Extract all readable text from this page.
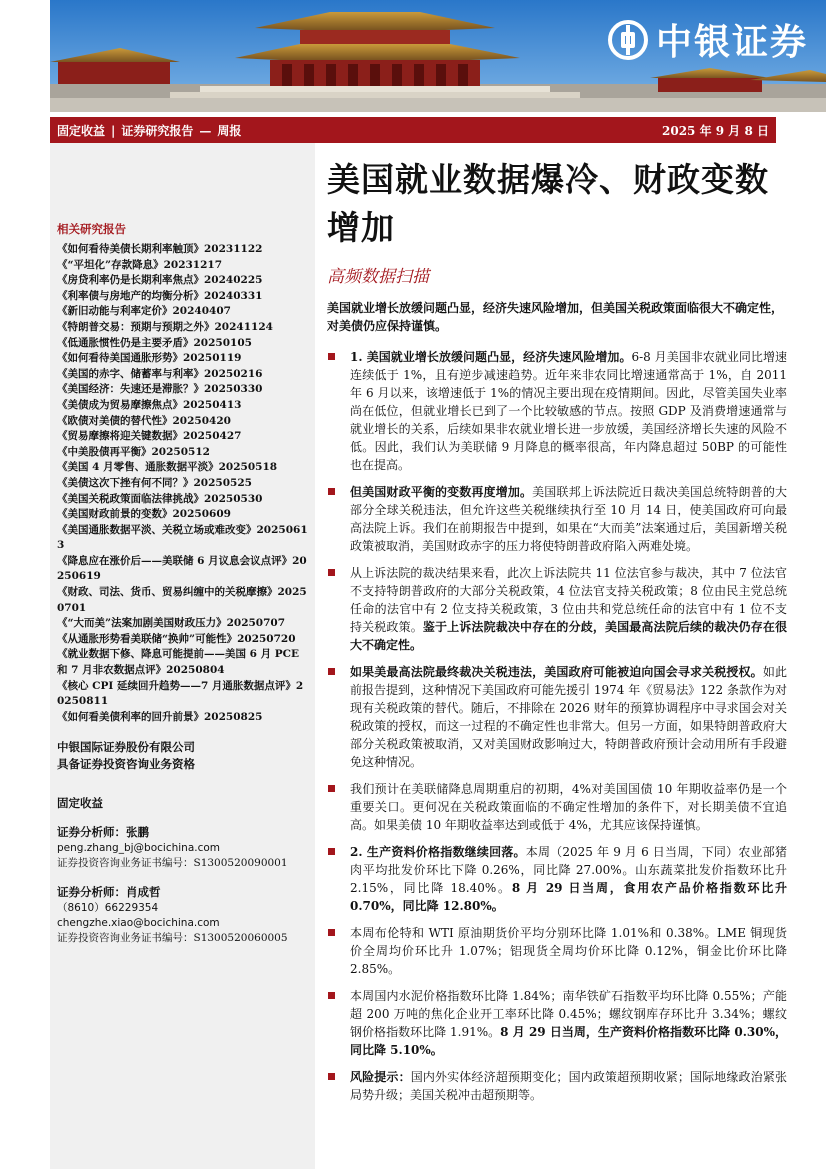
中银证券
固定收益 | 证券研究报告 — 周报	2025 年 9 月 8 日
相关研究报告
《如何看待美债长期利率触顶》20231122
《“平坦化”存款降息》20231217
《房贷利率仍是长期利率焦点》20240225
《利率债与房地产的均衡分析》20240331
《新旧动能与利率定价》20240407
《特朗普交易：预期与预期之外》20241124
《低通胀惯性仍是主要矛盾》20250105
《如何看待美国通胀形势》20250119
《美国的赤字、储蓄率与利率》20250216
《美国经济：失速还是滞胀？》20250330
《美债成为贸易摩擦焦点》20250413
《欧债对美债的替代性》20250420
《贸易摩擦将迎关键数据》20250427
《中美股债再平衡》20250512
《美国 4 月零售、通胀数据平淡》20250518
《美债这次下挫有何不同？》20250525
《美国关税政策面临法律挑战》20250530
《美国财政前景的变数》20250609
《美国通胀数据平淡、关税立场或难改变》20250613
《降息应在涨价后——美联储 6 月议息会议点评》20250619
《财政、司法、货币、贸易纠缠中的关税摩擦》20250701
《“大而美”法案加剧美国财政压力》20250707
《从通胀形势看美联储“换帅”可能性》20250720
《就业数据下修、降息可能提前——美国 6 月 PCE 和 7 月非农数据点评》20250804
《核心 CPI 延续回升趋势——7 月通胀数据点评》20250811
《如何看美债利率的回升前景》20250825
中银国际证券股份有限公司
具备证券投资咨询业务资格
固定收益
证券分析师：张鹏
peng.zhang_bj@bocichina.com
证券投资咨询业务证书编号：S1300520090001
证券分析师：肖成哲
（8610）66229354
chengzhe.xiao@bocichina.com
证券投资咨询业务证书编号：S1300520060005
美国就业数据爆冷、财政变数增加
高频数据扫描
美国就业增长放缓问题凸显，经济失速风险增加，但美国关税政策面临很大不确定性，对美债仍应保持谨慎。
1. 美国就业增长放缓问题凸显，经济失速风险增加。6-8 月美国非农就业同比增速连续低于 1%，且有逆步减速趋势。近年来非农同比增速通常高于 1%，自 2011 年 6 月以来，该增速低于 1%的情况主要出现在疫情期间。因此，尽管美国失业率尚在低位，但就业增长已到了一个比较敏感的节点。按照 GDP 及消费增速通常与就业增长的关系，后续如果非农就业增长进一步放缓，美国经济增长失速的风险不低。因此，我们认为美联储 9 月降息的概率很高，年内降息超过 50BP 的可能性也在提高。
但美国财政平衡的变数再度增加。美国联邦上诉法院近日裁决美国总统特朗普的大部分全球关税违法，但允许这些关税继续执行至 10 月 14 日，使美国政府可向最高法院上诉。我们在前期报告中提到，如果在“大而美”法案通过后，美国新增关税政策被取消，美国财政赤字的压力将使特朗普政府陷入两难处境。
从上诉法院的裁决结果来看，此次上诉法院共 11 位法官参与裁决，其中 7 位法官不支持特朗普政府的大部分关税政策，4 位法官支持关税政策；8 位由民主党总统任命的法官中有 2 位支持关税政策，3 位由共和党总统任命的法官中有 1 位不支持关税政策。鉴于上诉法院裁决中存在的分歧，美国最高法院后续的裁决仍存在很大不确定性。
如果美最高法院最终裁决关税违法，美国政府可能被迫向国会寻求关税授权。如此前报告提到，这种情况下美国政府可能先援引 1974 年《贸易法》122 条款作为对现有关税政策的替代。随后，不排除在 2026 财年的预算协调程序中寻求国会对关税政策的授权，而这一过程的不确定性也非常大。但另一方面，如果特朗普政府大部分关税政策被取消，又对美国财政影响过大，特朗普政府预计会动用所有手段避免这种情况。
我们预计在美联储降息周期重启的初期，4%对美国国债 10 年期收益率仍是一个重要关口。更何况在关税政策面临的不确定性增加的条件下，对长期美债不宜追高。如果美债 10 年期收益率达到或低于 4%，尤其应该保持谨慎。
2. 生产资料价格指数继续回落。本周（2025 年 9 月 6 日当周，下同）农业部猪肉平均批发价环比下降 0.26%，同比降 27.00%。山东蔬菜批发价指数环比升 2.15%，同比降 18.40%。8 月 29 日当周，食用农产品价格指数环比升 0.70%，同比降 12.80%。
本周布伦特和 WTI 原油期货价平均分别环比降 1.01%和 0.38%。LME 铜现货价全周均价环比升 1.07%；铝现货全周均价环比降 0.12%，铜金比价环比降 2.85%。
本周国内水泥价格指数环比降 1.84%；南华铁矿石指数平均环比降 0.55%；产能超 200 万吨的焦化企业开工率环比降 0.45%；螺纹钢库存环比升 3.34%；螺纹钢价格指数环比降 1.91%。8 月 29 日当周，生产资料价格指数环比降 0.30%，同比降 5.10%。
风险提示：国内外实体经济超预期变化；国内政策超预期收紧；国际地缘政治紧张局势升级；美国关税冲击超预期等。
